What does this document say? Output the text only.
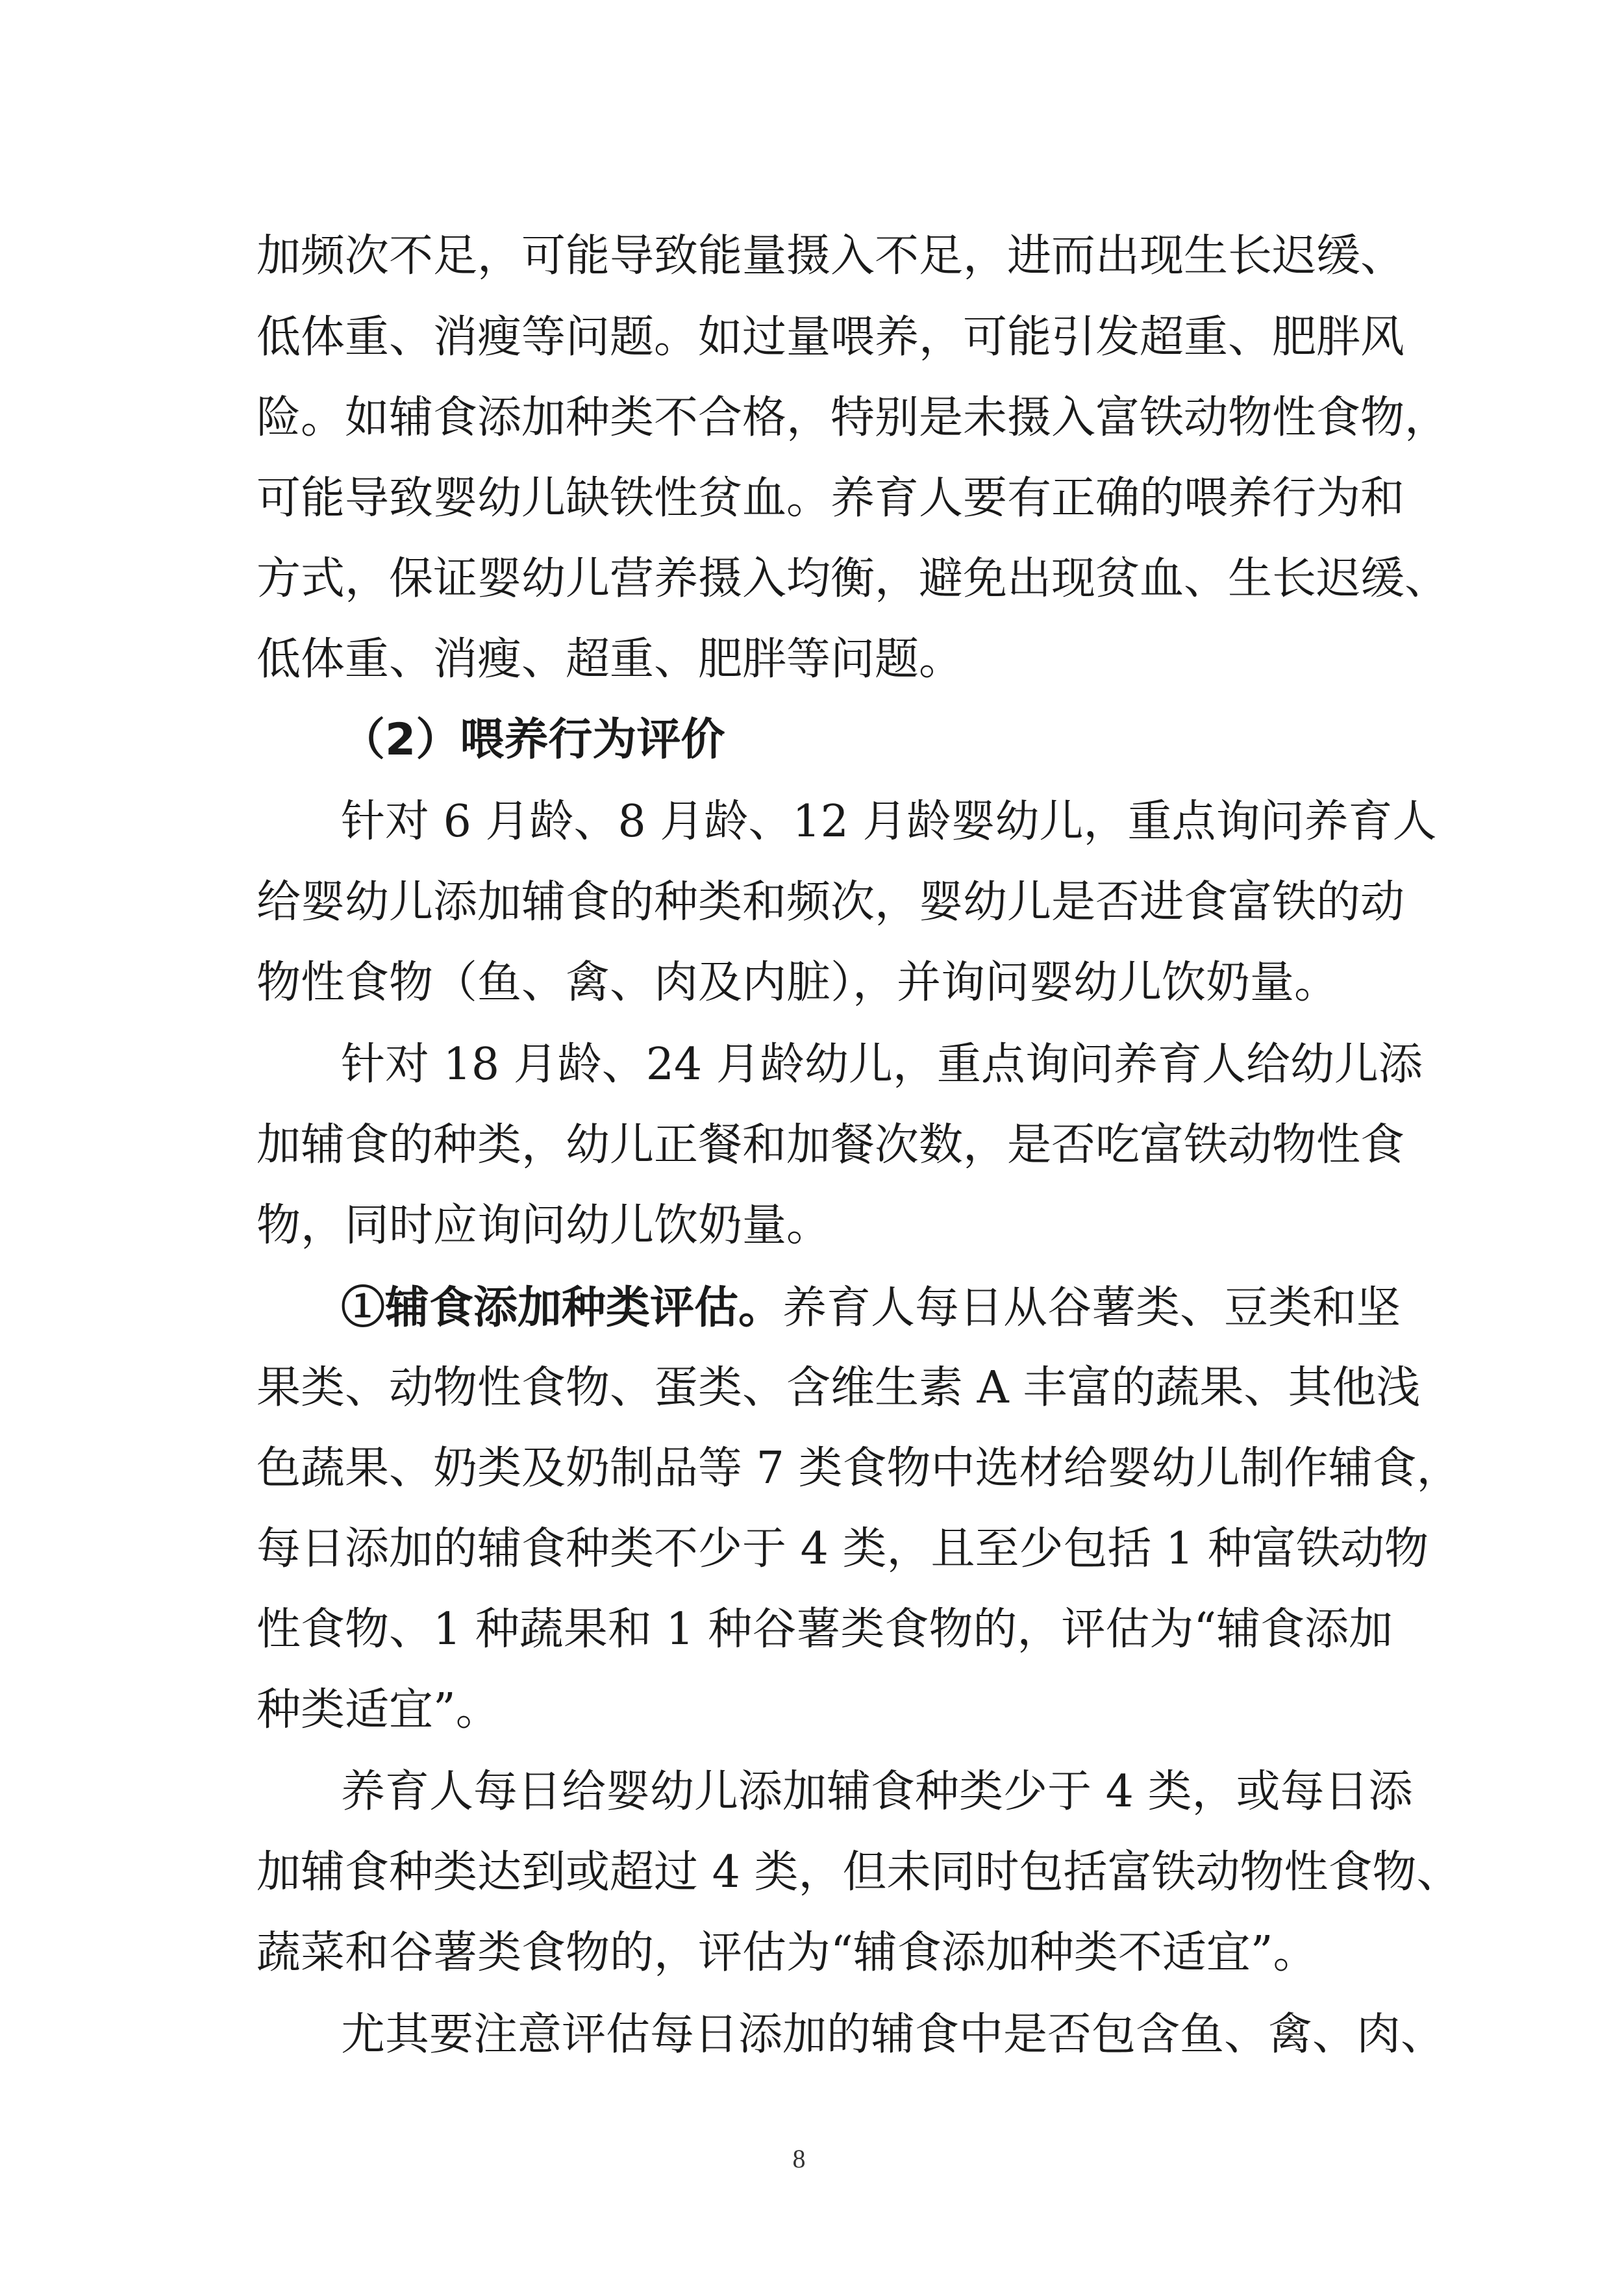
加频次不足，可能导致能量摄入不足，进而出现生长迟缓、
低体重、消瘦等问题。如过量喂养，可能引发超重、肥胖风
险。如辅食添加种类不合格，特别是未摄入富铁动物性食物，
可能导致婴幼儿缺铁性贫血。养育人要有正确的喂养行为和
方式，保证婴幼儿营养摄入均衡，避免出现贫血、生长迟缓、
低体重、消瘦、超重、肥胖等问题。
（2）喂养行为评价
针对 6 月龄、8 月龄、12 月龄婴幼儿，重点询问养育人
给婴幼儿添加辅食的种类和频次，婴幼儿是否进食富铁的动
物性食物（鱼、禽、肉及内脏），并询问婴幼儿饮奶量。
针对 18 月龄、24 月龄幼儿，重点询问养育人给幼儿添
加辅食的种类，幼儿正餐和加餐次数，是否吃富铁动物性食
物，同时应询问幼儿饮奶量。
①辅食添加种类评估。养育人每日从谷薯类、豆类和坚
果类、动物性食物、蛋类、含维生素 A 丰富的蔬果、其他浅
色蔬果、奶类及奶制品等 7 类食物中选材给婴幼儿制作辅食，
每日添加的辅食种类不少于 4 类，且至少包括 1 种富铁动物
性食物、1 种蔬果和 1 种谷薯类食物的，评估为“辅食添加
种类适宜”。
养育人每日给婴幼儿添加辅食种类少于 4 类，或每日添
加辅食种类达到或超过 4 类，但未同时包括富铁动物性食物、
蔬菜和谷薯类食物的，评估为“辅食添加种类不适宜”。
尤其要注意评估每日添加的辅食中是否包含鱼、禽、肉、
8
